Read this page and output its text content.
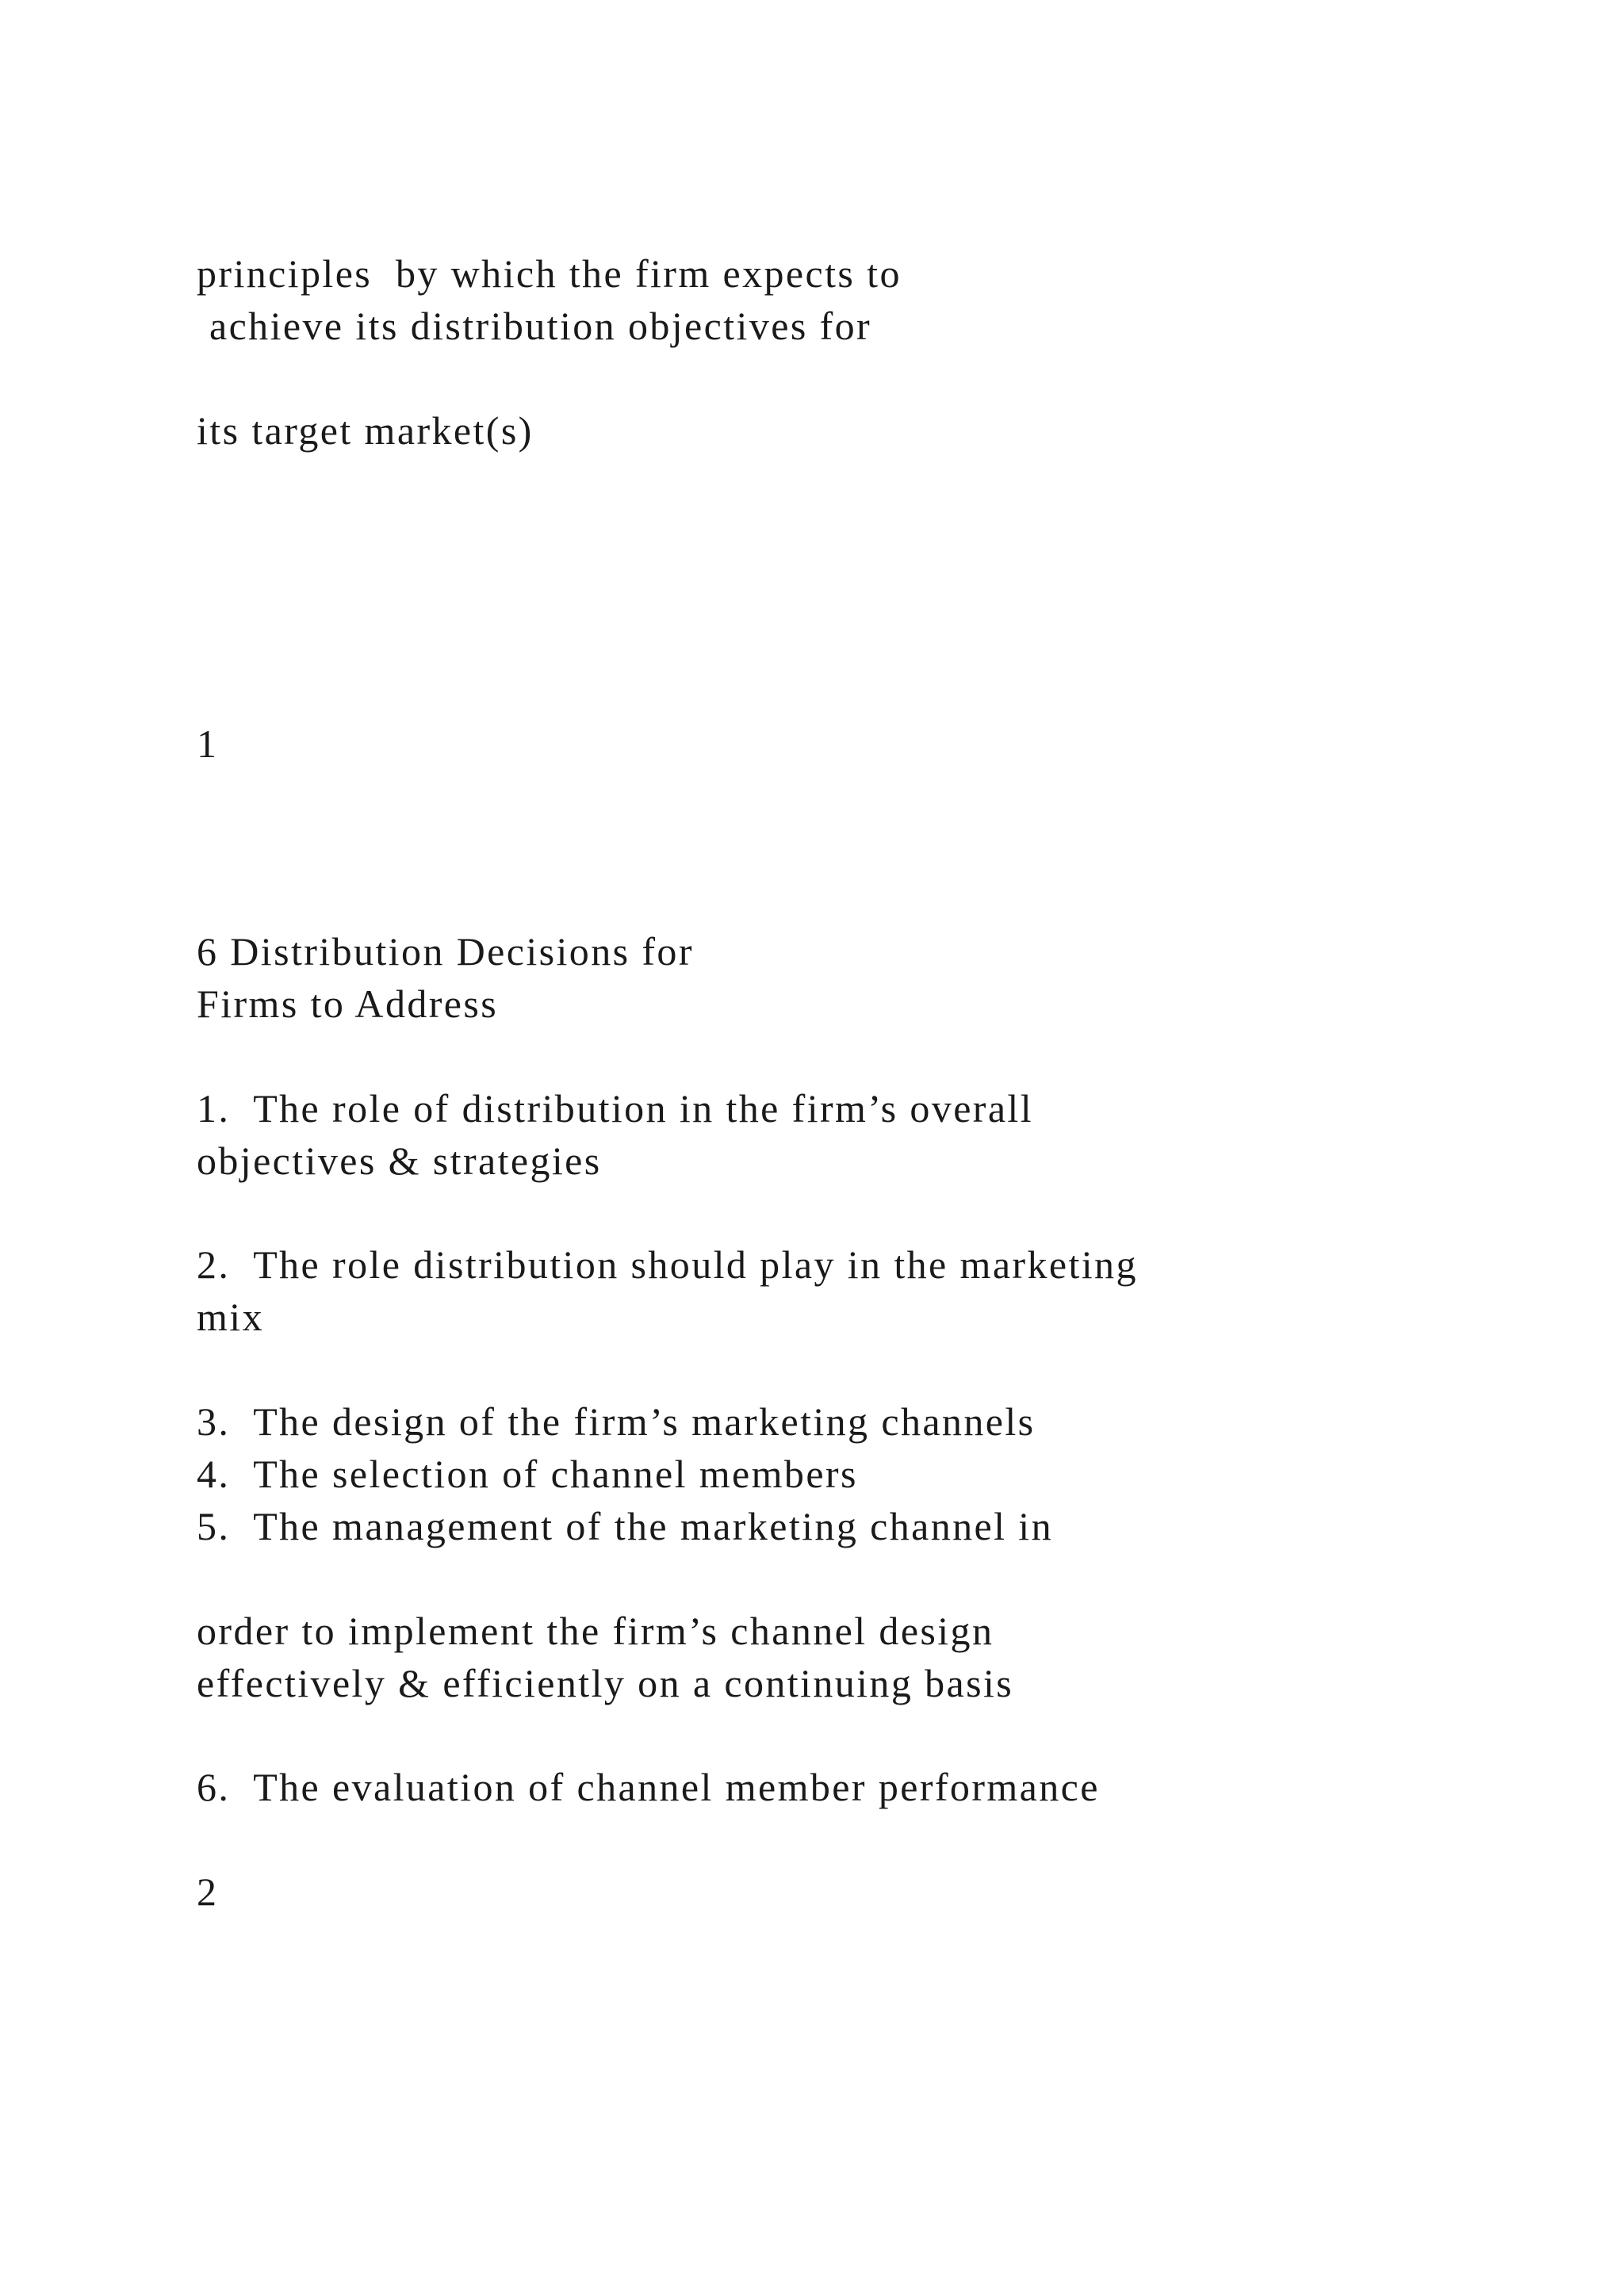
principles  by which the firm expects to

achieve its distribution objectives for

its target market(s)

1

6 Distribution Decisions for

Firms to Address

1.  The role of distribution in the firm’s overall

objectives & strategies

2.  The role distribution should play in the marketing

mix

3.  The design of the firm’s marketing channels

4.  The selection of channel members

5.  The management of the marketing channel in

order to implement the firm’s channel design

effectively & efficiently on a continuing basis

6.  The evaluation of channel member performance

2
